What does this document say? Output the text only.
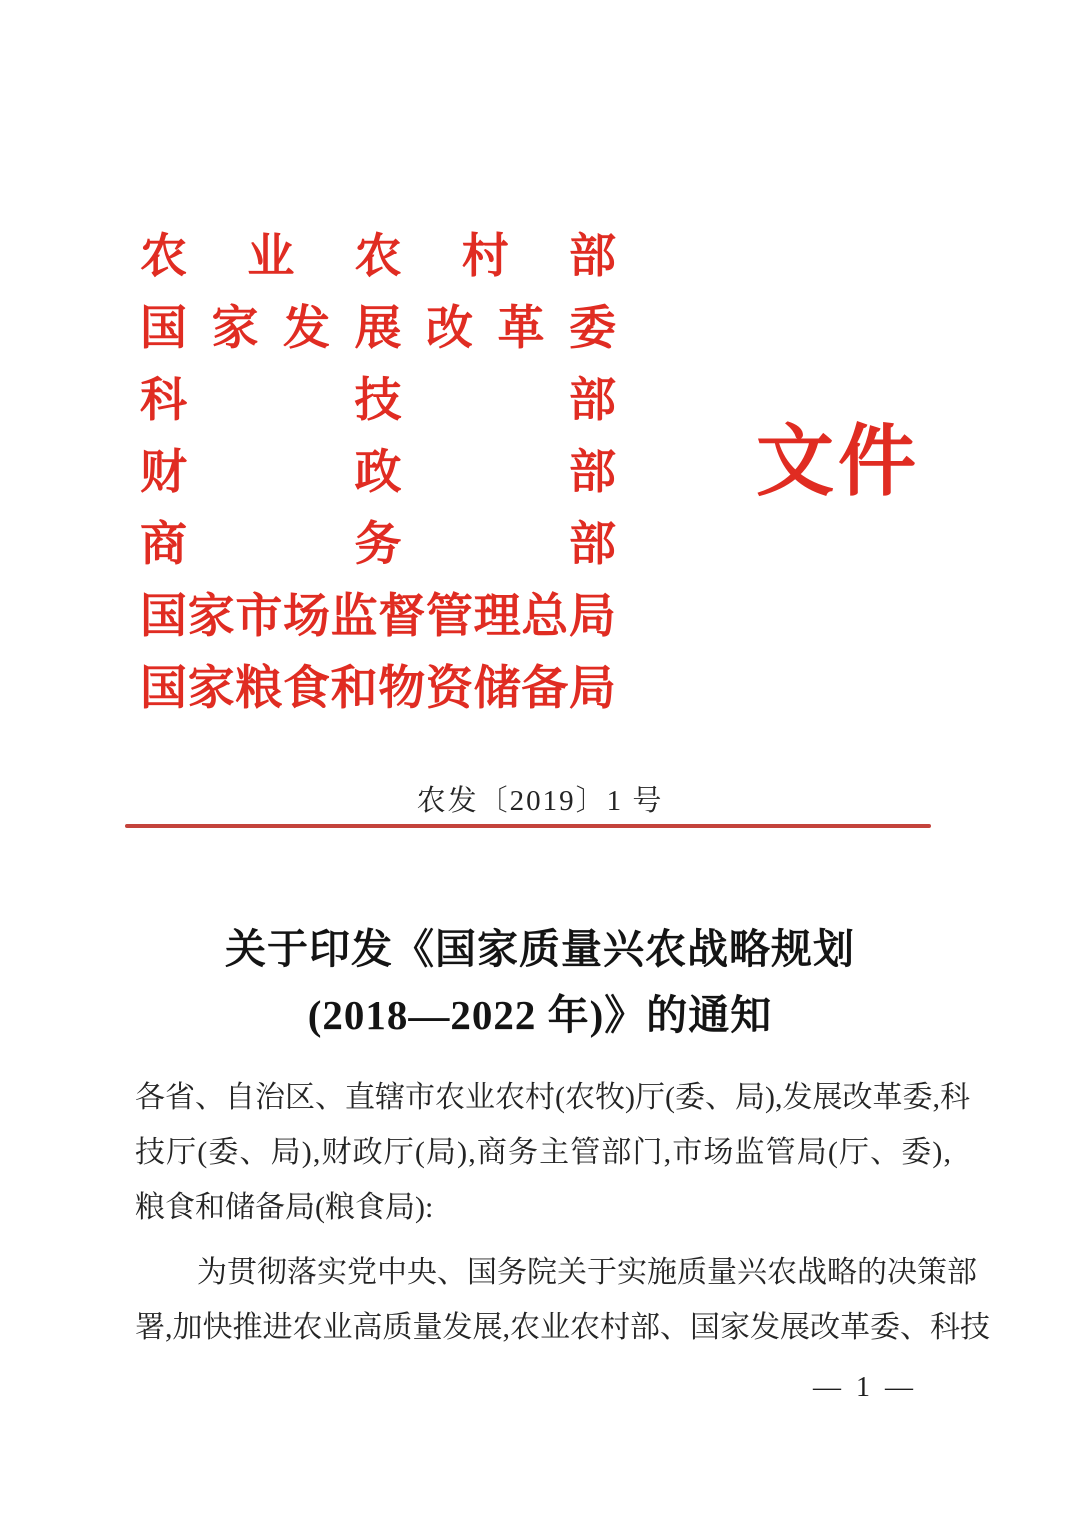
农 业 农 村 部
国 家 发 展 改 革 委
科	技	部
财	政	部
商	务	部
国 家 市 场 监 督 管 理 总 局
国 家 粮 食 和 物 资 储 备 局
文件
农发〔2019〕1 号
关于印发《国家质量兴农战略规划
(2018—2022 年)》的通知
各 省 、 自 治 区 、 直 辖 市 农 业 农 村 ( 农 牧 ) 厅 ( 委 、 局 ) , 发 展 改 革 委 , 科
技 厅 ( 委 、 局 ) , 财 政 厅 ( 局 ) , 商 务 主 管 部 门 , 市 场 监 管 局 ( 厅 、 委 ) ,
粮食和储备局(粮食局):
为 贯 彻 落 实 党 中 央 、 国 务 院 关 于 实 施 质 量 兴 农 战 略 的 决 策 部
署 , 加 快 推 进 农 业 高 质 量 发 展 , 农 业 农 村 部 、 国 家 发 展 改 革 委 、 科 技
— 1 —
